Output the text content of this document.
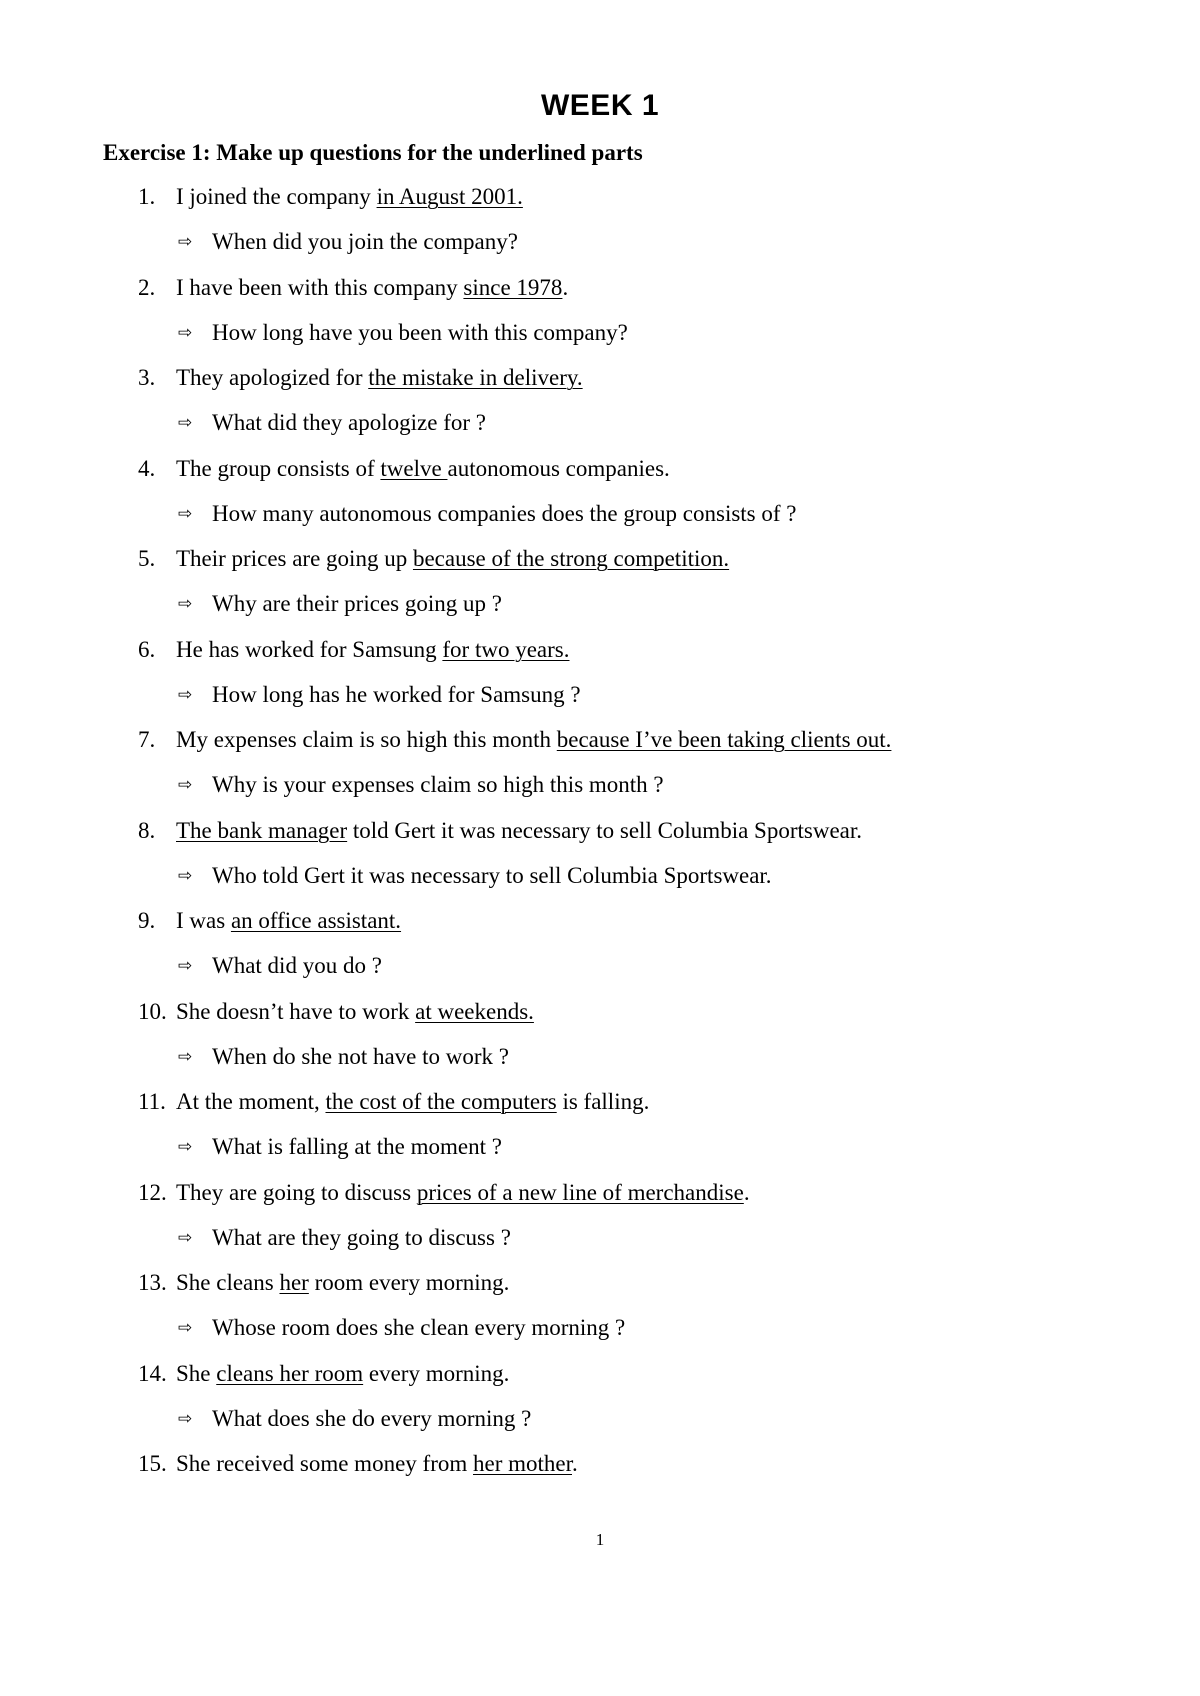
WEEK 1
Exercise 1: Make up questions for the underlined parts
1. I joined the company in August 2001.
⇨ When did you join the company?
2. I have been with this company since 1978.
⇨ How long have you been with this company?
3. They apologized for the mistake in delivery.
⇨ What did they apologize for ?
4. The group consists of twelve autonomous companies.
⇨ How many autonomous companies does the group consists of ?
5. Their prices are going up because of the strong competition.
⇨ Why are their prices going up ?
6. He has worked for Samsung for two years.
⇨ How long has he worked for Samsung ?
7. My expenses claim is so high this month because I’ve been taking clients out.
⇨ Why is your expenses claim so high this month ?
8. The bank manager told Gert it was necessary to sell Columbia Sportswear.
⇨ Who told Gert it was necessary to sell Columbia Sportswear.
9. I was an office assistant.
⇨ What did you do ?
10. She doesn’t have to work at weekends.
⇨ When do she not have to work ?
11. At the moment, the cost of the computers is falling.
⇨ What is falling at the moment ?
12. They are going to discuss prices of a new line of merchandise.
⇨ What are they going to discuss ?
13. She cleans her room every morning.
⇨ Whose room does she clean every morning ?
14. She cleans her room every morning.
⇨ What does she do every morning ?
15. She received some money from her mother.
1
